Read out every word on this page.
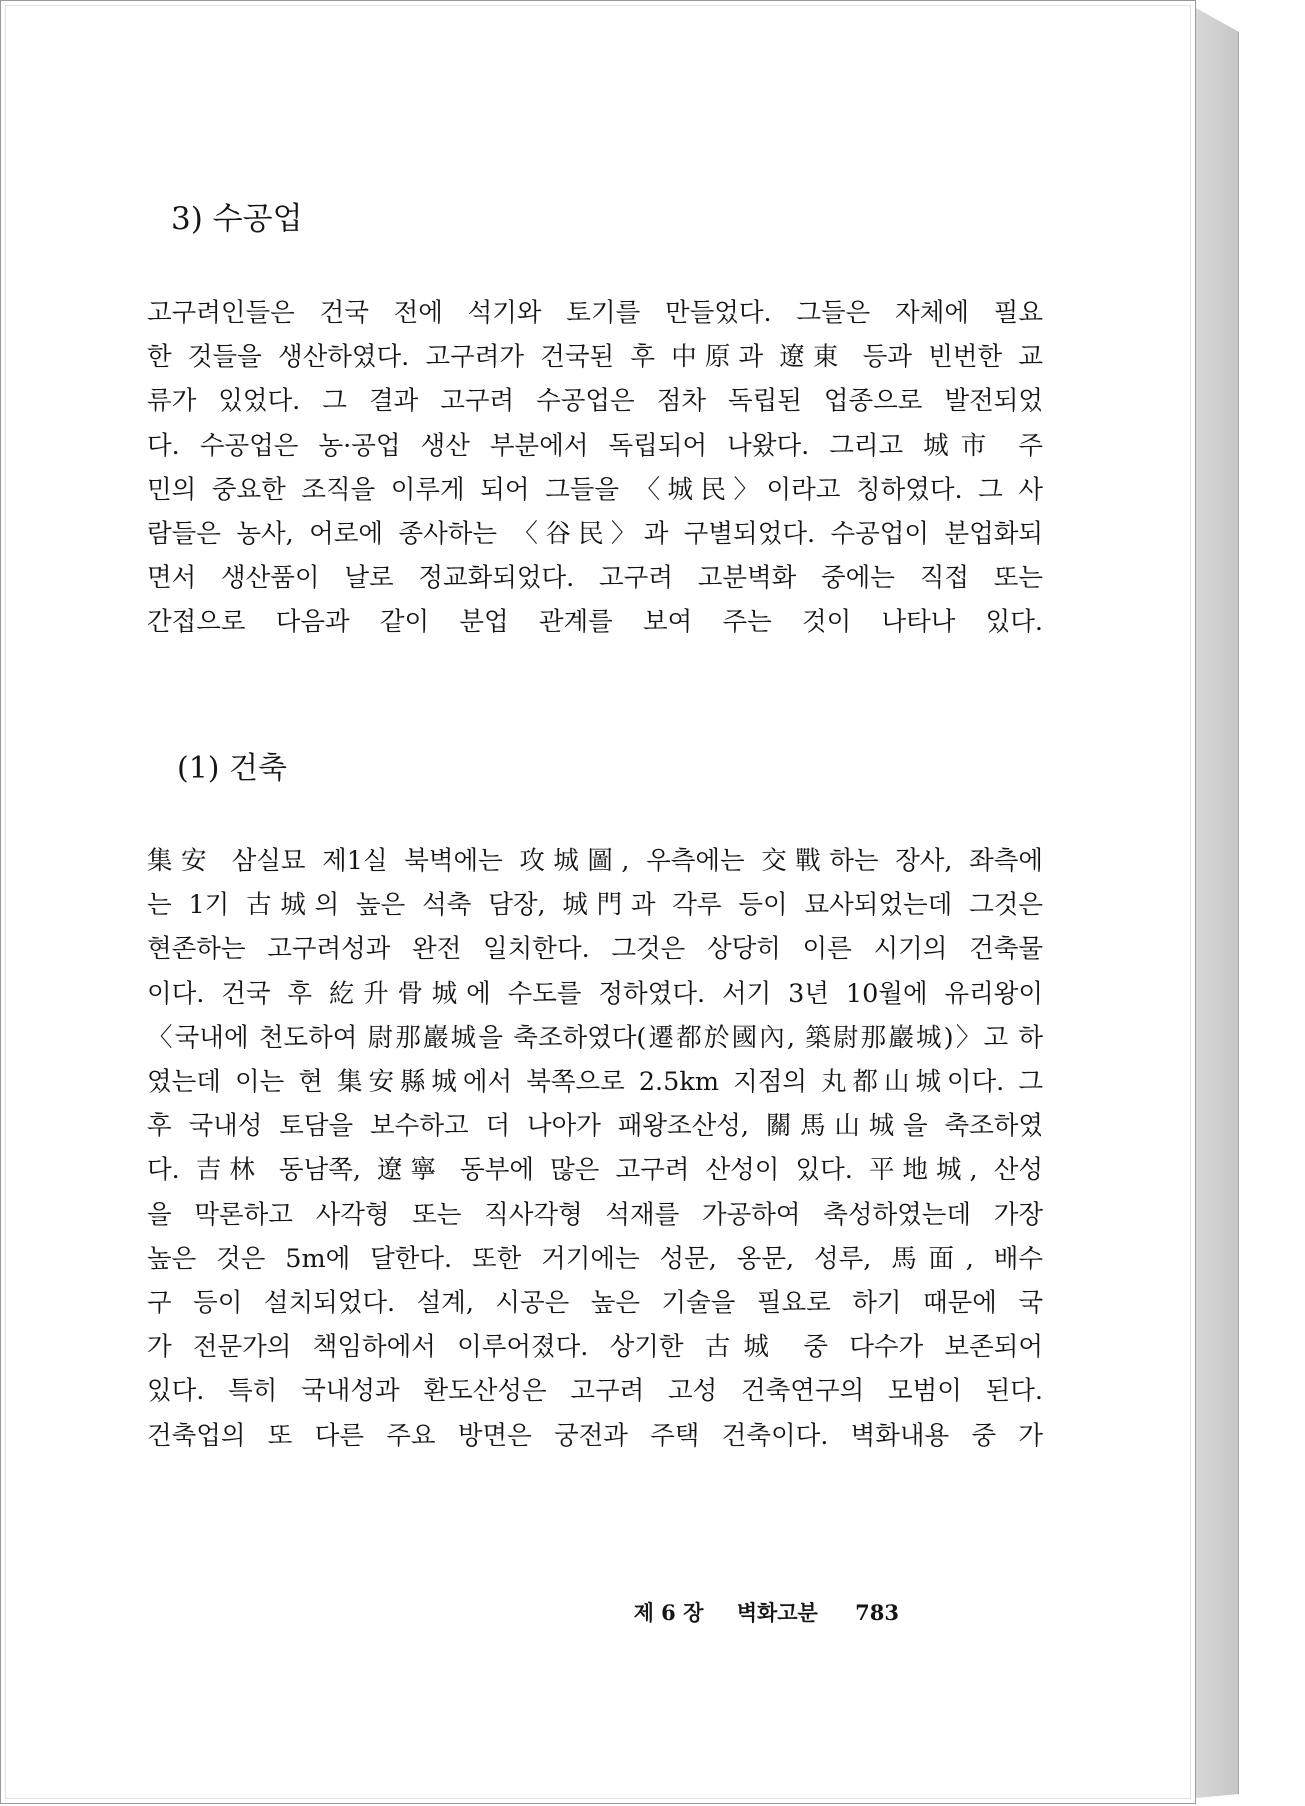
3) 수공업
고구려인들은 건국 전에 석기와 토기를 만들었다. 그들은 자체에 필요
한 것들을 생산하였다. 고구려가 건국된 후 中原과 遼東 등과 빈번한 교
류가 있었다. 그 결과 고구려 수공업은 점차 독립된 업종으로 발전되었
다. 수공업은 농·공업 생산 부분에서 독립되어 나왔다. 그리고 城市 주
민의 중요한 조직을 이루게 되어 그들을 〈城民〉이라고 칭하였다. 그 사
람들은 농사, 어로에 종사하는 〈谷民〉과 구별되었다. 수공업이 분업화되
면서 생산품이 날로 정교화되었다. 고구려 고분벽화 중에는 직접 또는
간접으로 다음과 같이 분업 관계를 보여 주는 것이 나타나 있다.
(1) 건축
集安 삼실묘 제1실 북벽에는 攻城圖, 우측에는 交戰하는 장사, 좌측에
는 1기 古城의 높은 석축 담장, 城門과 각루 등이 묘사되었는데 그것은
현존하는 고구려성과 완전 일치한다. 그것은 상당히 이른 시기의 건축물
이다. 건국 후 紇升骨城에 수도를 정하였다. 서기 3년 10월에 유리왕이
〈국내에 천도하여 尉那巖城을 축조하였다(遷都於國內, 築尉那巖城)〉고 하
였는데 이는 현 集安縣城에서 북쪽으로 2.5km 지점의 丸都山城이다. 그
후 국내성 토담을 보수하고 더 나아가 패왕조산성, 關馬山城을 축조하였
다. 吉林 동남쪽, 遼寧 동부에 많은 고구려 산성이 있다. 平地城, 산성
을 막론하고 사각형 또는 직사각형 석재를 가공하여 축성하였는데 가장
높은 것은 5m에 달한다. 또한 거기에는 성문, 옹문, 성루, 馬面, 배수
구 등이 설치되었다. 설계, 시공은 높은 기술을 필요로 하기 때문에 국
가 전문가의 책임하에서 이루어졌다. 상기한 古城 중 다수가 보존되어
있다. 특히 국내성과 환도산성은 고구려 고성 건축연구의 모범이 된다.
건축업의 또 다른 주요 방면은 궁전과 주택 건축이다. 벽화내용 중 가
제 6 장 벽화고분 783
